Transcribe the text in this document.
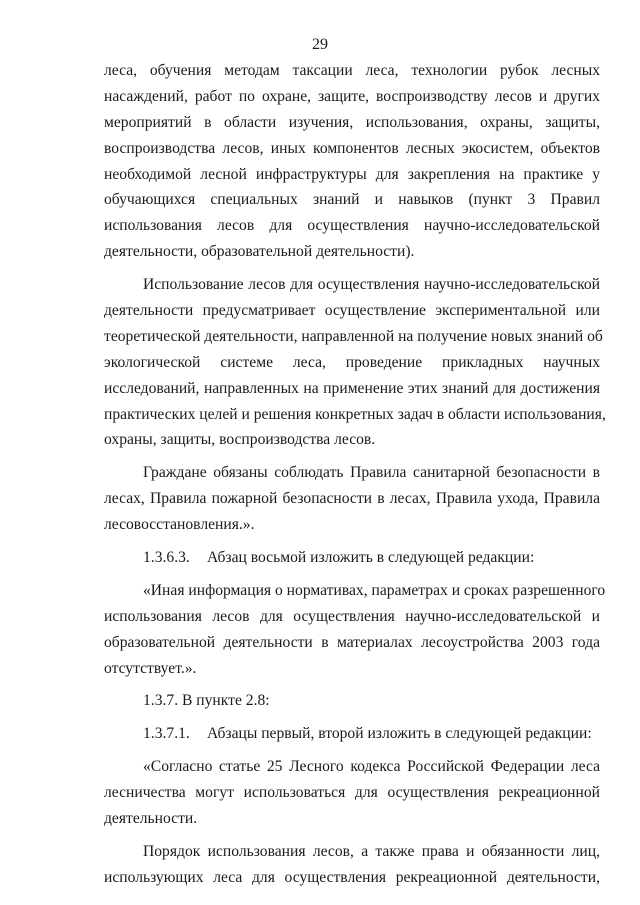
29
леса, обучения методам таксации леса, технологии рубок лесных
насаждений, работ по охране, защите, воспроизводству лесов и других
мероприятий в области изучения, использования, охраны, защиты,
воспроизводства лесов, иных компонентов лесных экосистем, объектов
необходимой лесной инфраструктуры для закрепления на практике у
обучающихся специальных знаний и навыков (пункт 3 Правил
использования лесов для осуществления научно-исследовательской
деятельности, образовательной деятельности).
Использование лесов для осуществления научно-исследовательской
деятельности предусматривает осуществление экспериментальной или
теоретической деятельности, направленной на получение новых знаний об
экологической системе леса, проведение прикладных научных
исследований, направленных на применение этих знаний для достижения
практических целей и решения конкретных задач в области использования,
охраны, защиты, воспроизводства лесов.
Граждане обязаны соблюдать Правила санитарной безопасности в
лесах, Правила пожарной безопасности в лесах, Правила ухода, Правила
лесовосстановления.».
1.3.6.3. Абзац восьмой изложить в следующей редакции:
«Иная информация о нормативах, параметрах и сроках разрешенного
использования лесов для осуществления научно-исследовательской и
образовательной деятельности в материалах лесоустройства 2003 года
отсутствует.».
1.3.7. В пункте 2.8:
1.3.7.1. Абзацы первый, второй изложить в следующей редакции:
«Согласно статье 25 Лесного кодекса Российской Федерации леса
лесничества могут использоваться для осуществления рекреационной
деятельности.
Порядок использования лесов, а также права и обязанности лиц,
использующих леса для осуществления рекреационной деятельности,
